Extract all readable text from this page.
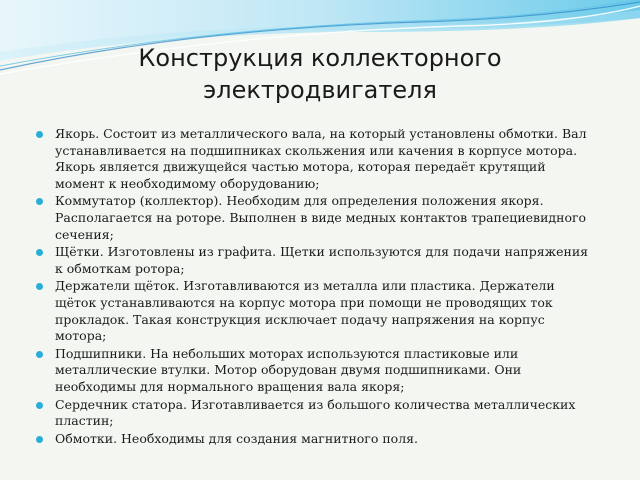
Конструкция коллекторного
электродвигателя
Якорь. Состоит из металлического вала, на который установлены обмотки. Вал устанавливается на подшипниках скольжения или качения в корпусе мотора. Якорь является движущейся частью мотора, которая передаёт крутящий момент к необходимому оборудованию;
Коммутатор (коллектор). Необходим для определения положения якоря. Располагается на роторе. Выполнен в виде медных контактов трапециевидного сечения;
Щётки. Изготовлены из графита. Щетки используются для подачи напряжения к обмоткам ротора;
Держатели щёток. Изготавливаются из металла или пластика. Держатели щёток устанавливаются на корпус мотора при помощи не проводящих ток прокладок. Такая конструкция исключает подачу напряжения на корпус мотора;
Подшипники. На небольших моторах используются пластиковые или металлические втулки. Мотор оборудован двумя подшипниками. Они необходимы для нормального вращения вала якоря;
Сердечник статора. Изготавливается из большого количества металлических пластин;
Обмотки. Необходимы для создания магнитного поля.
